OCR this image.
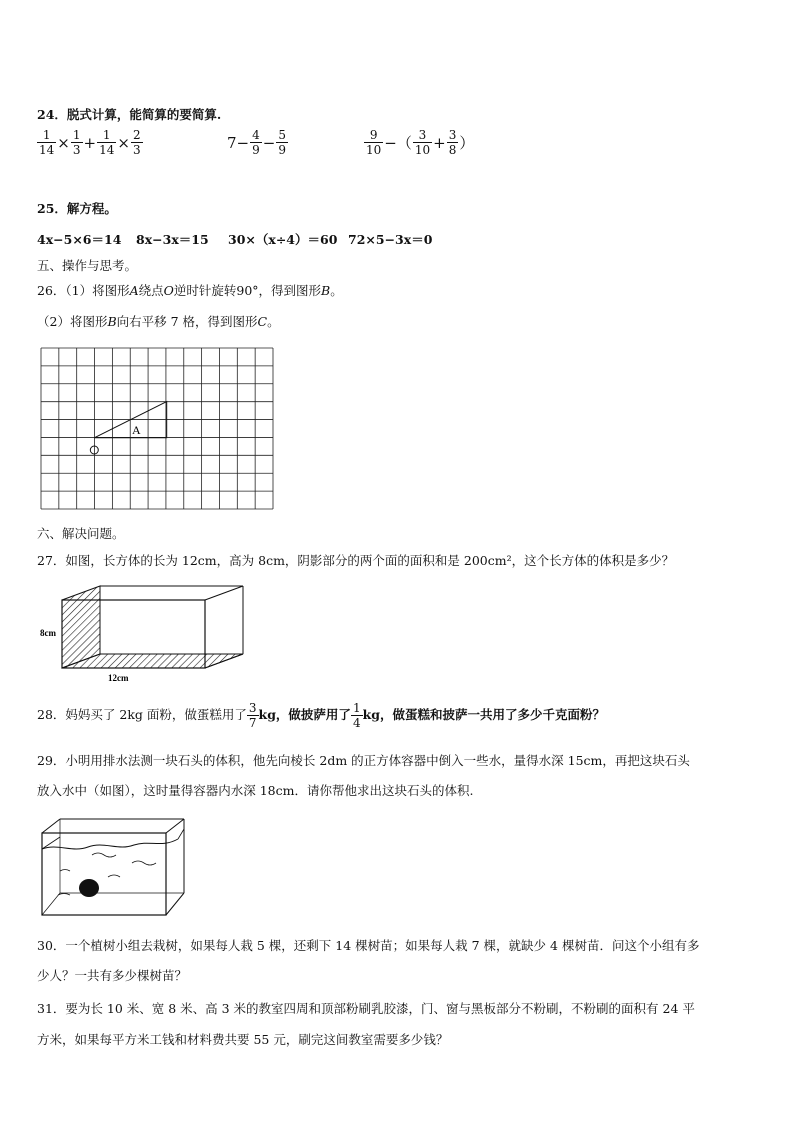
24．脱式计算，能简算的要简算.
$\frac{1}{14} \times \frac{1}{3} + \frac{1}{14} \times \frac{2}{3}$	$7- \frac{4}{9} - \frac{5}{9}$	$\frac{9}{10}$ −（ $\frac{3}{10} + \frac{3}{8}$ ）
25．解方程。
4x−5×6＝14 8x−3x＝15 30×（x÷4）＝60 72×5−3x＝0
五、操作与思考。
26．（1）将图形𝐴绕点𝑂逆时针旋转90°，得到图形𝐵。
（2）将图形𝐵向右平移 7 格，得到图形𝐶。
A
六、解决问题。
27．如图，长方体的长为 12cm，高为 8cm，阴影部分的两个面的面积和是 200cm²，这个长方体的体积是多少？
8cm
12cm
28．妈妈买了 2kg 面粉，做蛋糕用了 $\frac{3}{7}$ kg，做披萨用了 $\frac{1}{4}$ kg，做蛋糕和披萨一共用了多少千克面粉？
29．小明用排水法测一块石头的体积，他先向棱长 2dm 的正方体容器中倒入一些水，量得水深 15cm，再把这块石头
放入水中（如图），这时量得容器内水深 18cm．请你帮他求出这块石头的体积.
30．一个植树小组去栽树，如果每人栽 5 棵，还剩下 14 棵树苗；如果每人栽 7 棵，就缺少 4 棵树苗．问这个小组有多
少人？一共有多少棵树苗？
31．要为长 10 米、宽 8 米、高 3 米的教室四周和顶部粉刷乳胶漆，门、窗与黑板部分不粉刷，不粉刷的面积有 24 平
方米，如果每平方米工钱和材料费共要 55 元，刷完这间教室需要多少钱？
